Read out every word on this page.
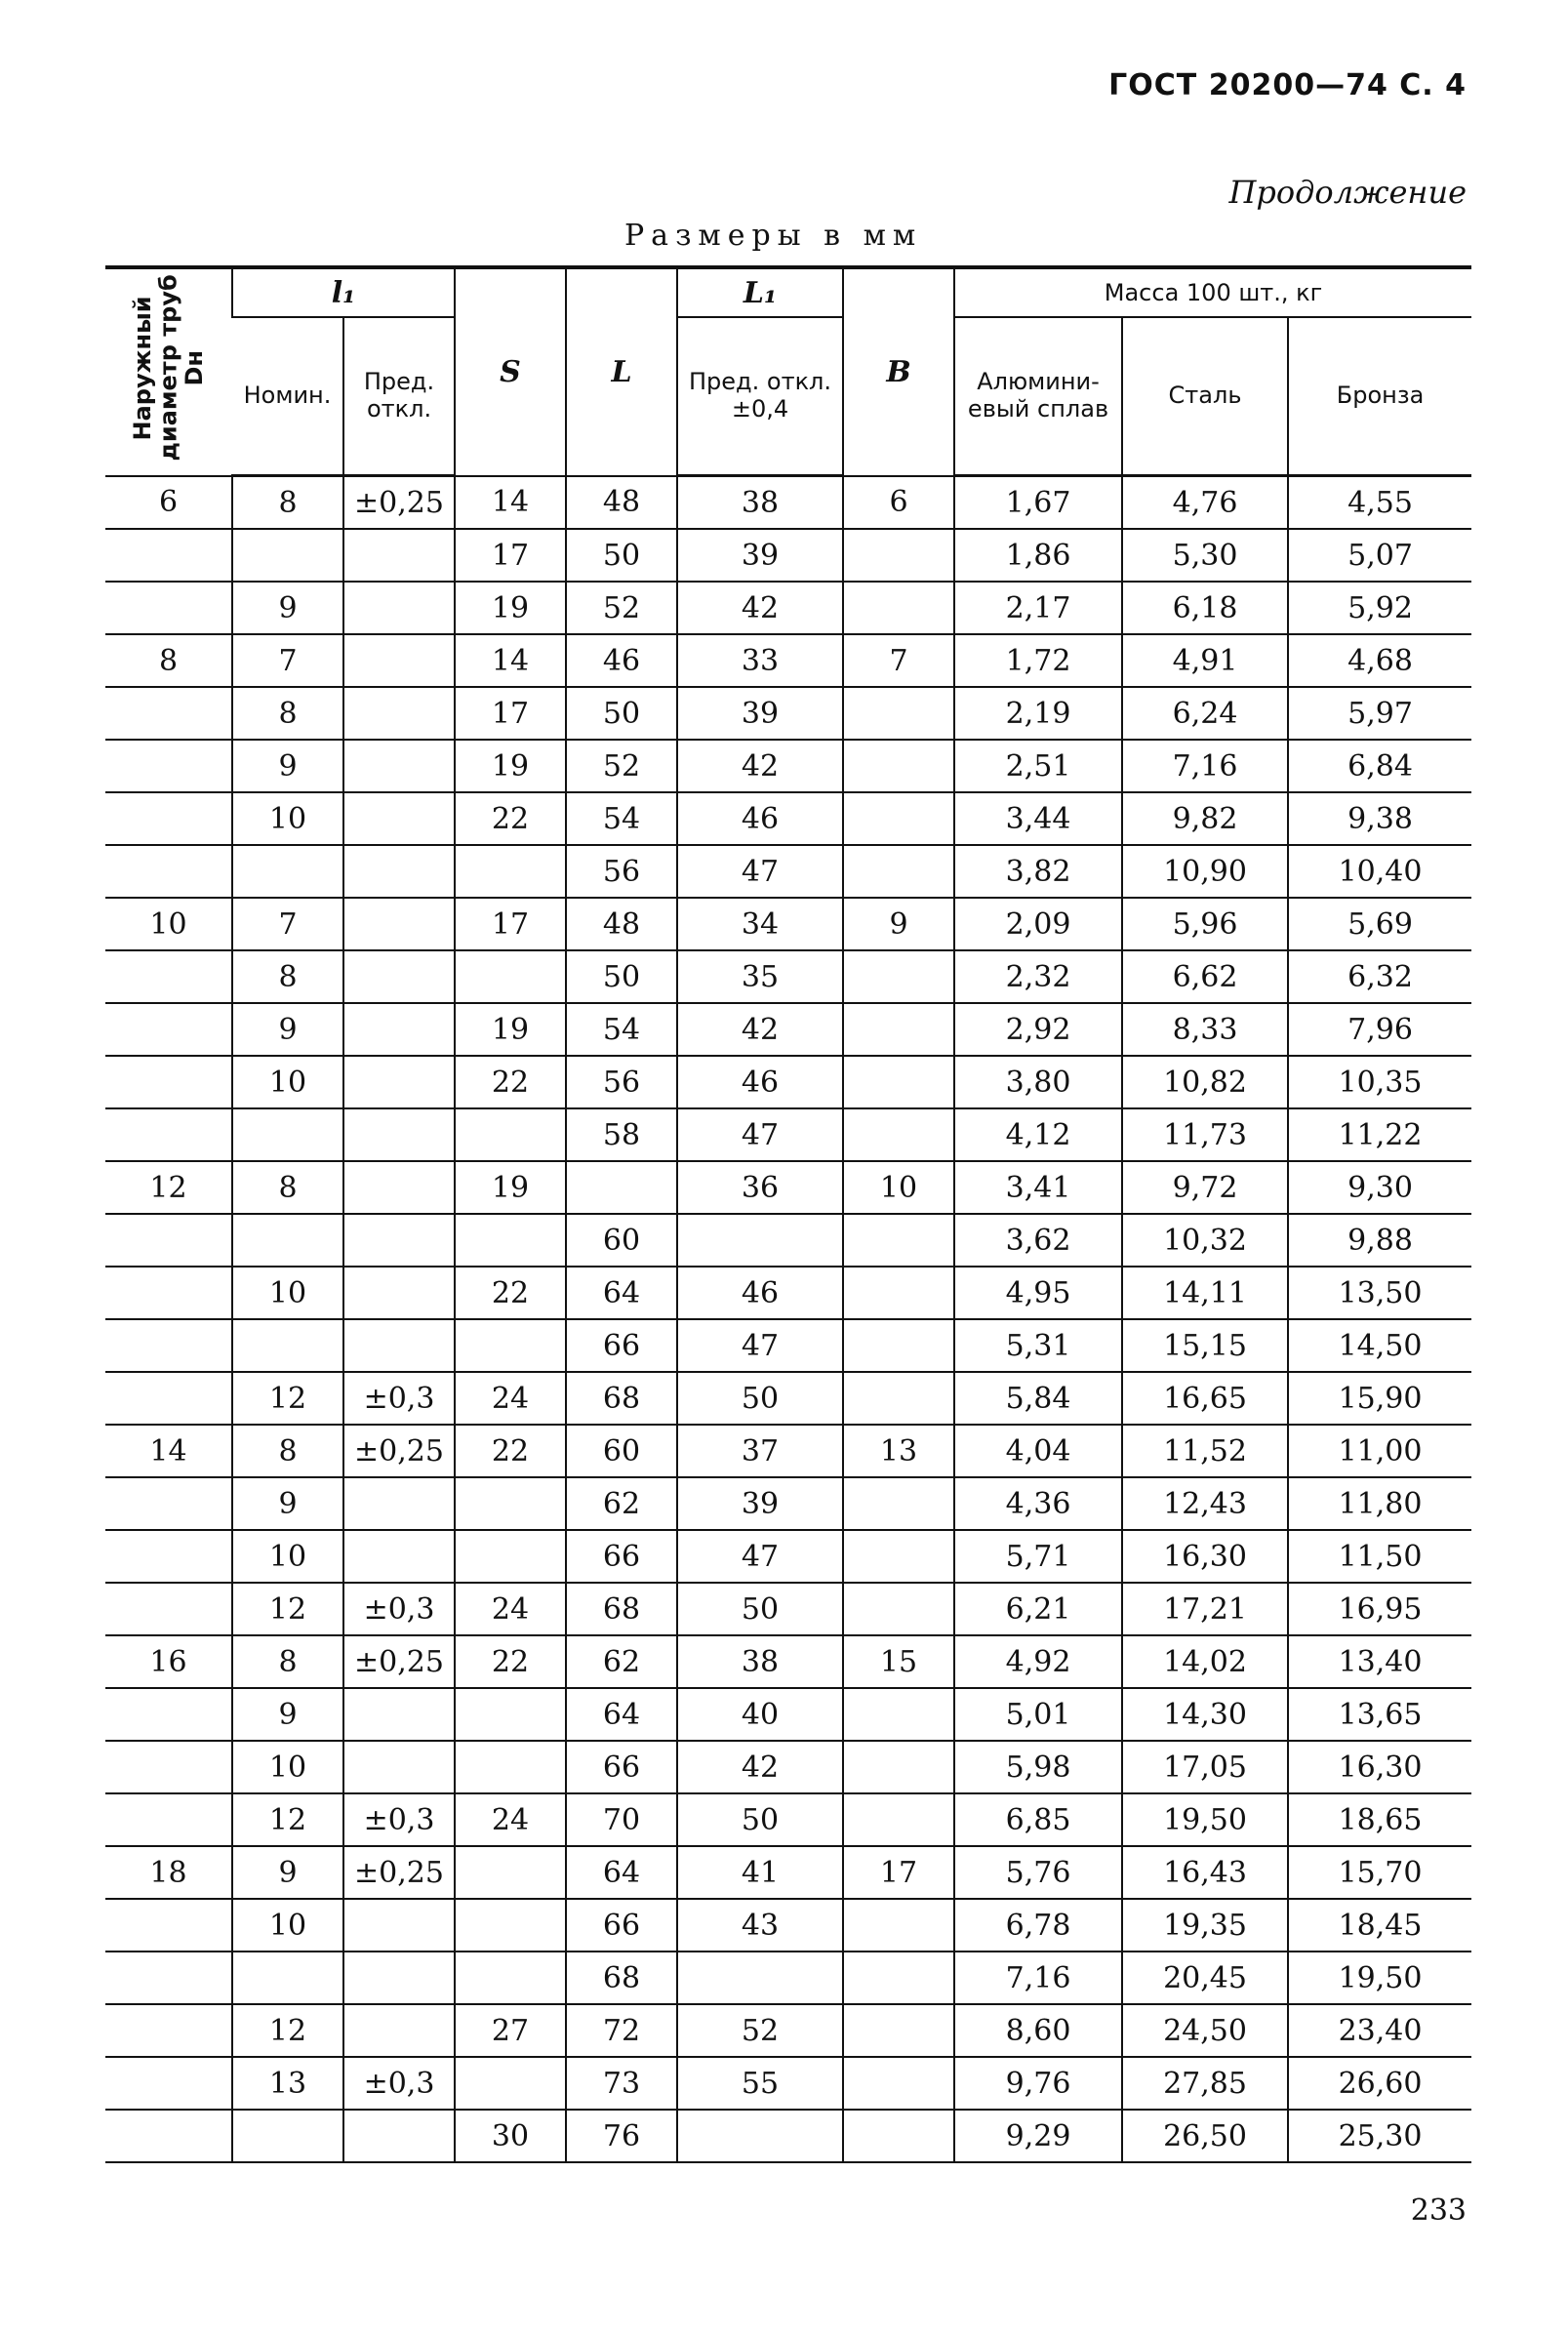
ГОСТ 20200—74 С. 4
Продолжение
Размеры в мм
Наружный диаметр труб Dн	l₁		S	L	L₁	B	Масса 100 шт., кг		
	Номин.	Пред. откл.			Пред. откл. ±0,4		Алюмини-евый сплав	Сталь	Бронза
6	8	±0,25	14	48	38	6	1,67	4,76	4,55
			17	50	39		1,86	5,30	5,07
	9		19	52	42		2,17	6,18	5,92
8	7		14	46	33	7	1,72	4,91	4,68
	8		17	50	39		2,19	6,24	5,97
	9		19	52	42		2,51	7,16	6,84
	10		22	54	46		3,44	9,82	9,38
				56	47		3,82	10,90	10,40
10	7		17	48	34	9	2,09	5,96	5,69
	8			50	35		2,32	6,62	6,32
	9		19	54	42		2,92	8,33	7,96
	10		22	56	46		3,80	10,82	10,35
				58	47		4,12	11,73	11,22
12	8		19		36	10	3,41	9,72	9,30
				60			3,62	10,32	9,88
	10		22	64	46		4,95	14,11	13,50
				66	47		5,31	15,15	14,50
	12	±0,3	24	68	50		5,84	16,65	15,90
14	8	±0,25	22	60	37	13	4,04	11,52	11,00
	9			62	39		4,36	12,43	11,80
	10			66	47		5,71	16,30	11,50
	12	±0,3	24	68	50		6,21	17,21	16,95
16	8	±0,25	22	62	38	15	4,92	14,02	13,40
	9			64	40		5,01	14,30	13,65
	10			66	42		5,98	17,05	16,30
	12	±0,3	24	70	50		6,85	19,50	18,65
18	9	±0,25		64	41	17	5,76	16,43	15,70
	10			66	43		6,78	19,35	18,45
				68			7,16	20,45	19,50
	12		27	72	52		8,60	24,50	23,40
	13	±0,3		73	55		9,76	27,85	26,60
			30	76			9,29	26,50	25,30
233
